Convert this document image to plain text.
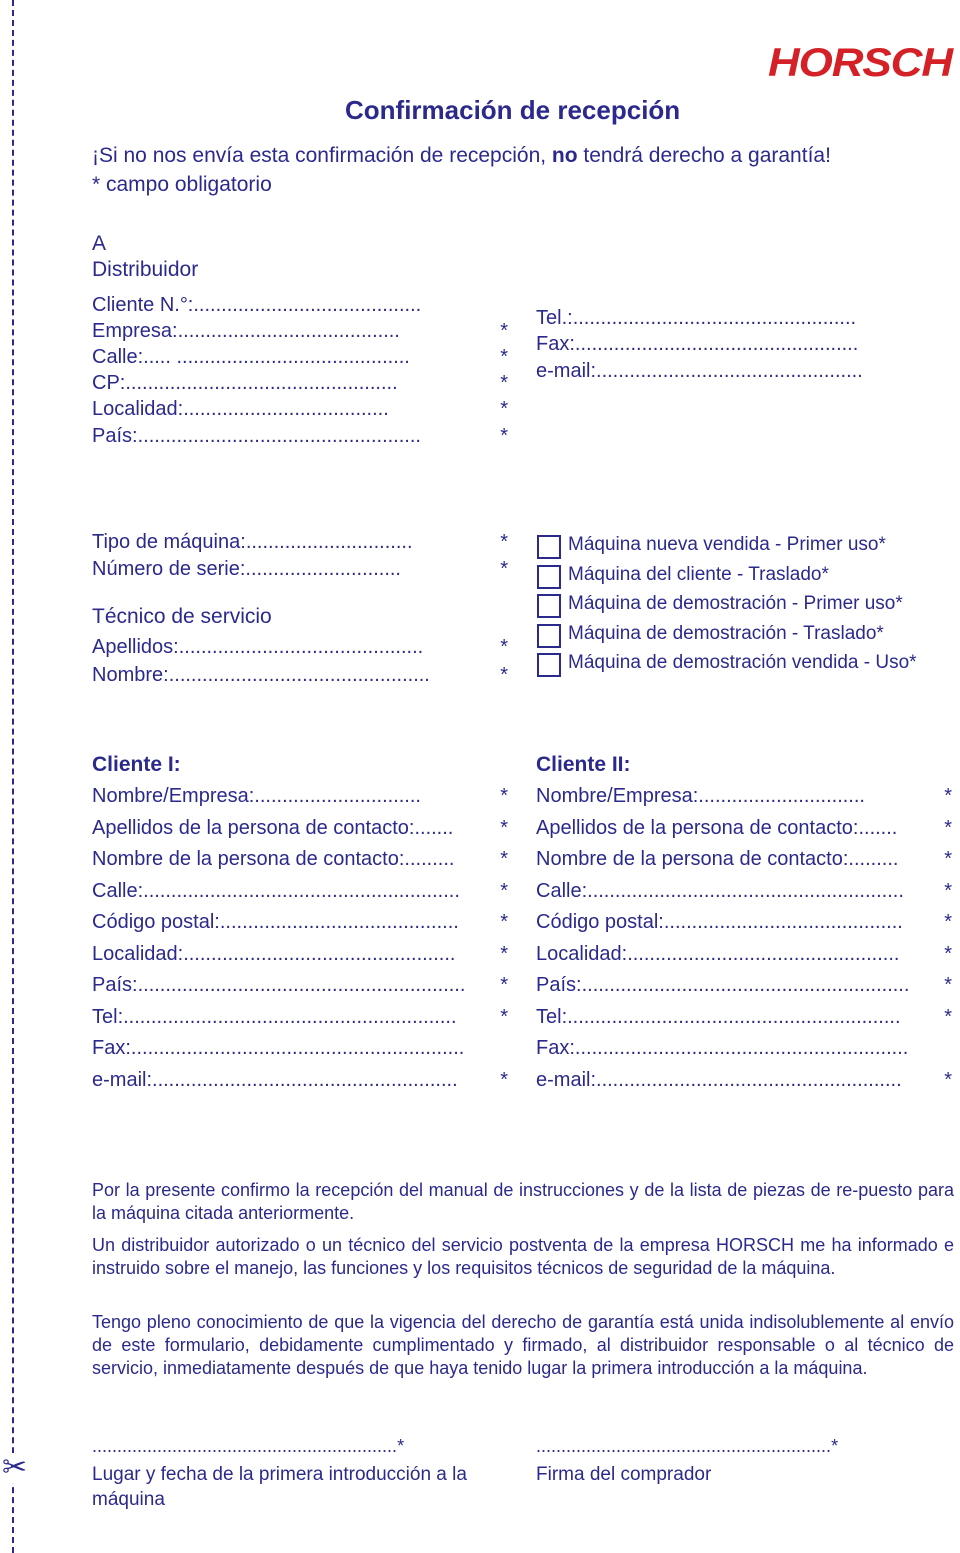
✂
HORSCH
Confirmación de recepción
¡Si no nos envía esta confirmación de recepción, no tendrá derecho a garantía!
* campo obligatorio
A
Distribuidor
Cliente N.°:.........................................
Empresa:........................................	*
Calle:..... ..........................................	*
CP:.................................................	*
Localidad:.....................................	*
País:...................................................	*
Tel.:...................................................
Fax:...................................................
e-mail:................................................
Tipo de máquina:..............................	*
Número de serie:............................	*
Técnico de servicio
Apellidos:............................................	*
Nombre:...............................................	*
Máquina nueva vendida - Primer uso*
Máquina del cliente - Traslado*
Máquina de demostración - Primer uso*
Máquina de demostración - Traslado*
Máquina de demostración vendida - Uso*
Cliente I:	Cliente II:
Nombre/Empresa:..............................	*
Apellidos de la persona de contacto:....... *
Nombre de la persona de contacto:......... *
Calle:......................................................... *
Código postal:........................................... *
Localidad:................................................. *
País:........................................................... *
Tel:............................................................ *
Fax:............................................................
e-mail:....................................................... *
Nombre/Empresa:..............................	*
Apellidos de la persona de contacto:....... *
Nombre de la persona de contacto:......... *
Calle:......................................................... *
Código postal:........................................... *
Localidad:................................................. *
País:........................................................... *
Tel:............................................................ *
Fax:............................................................
e-mail:....................................................... *
Por la presente confirmo la recepción del manual de instrucciones y de la lista de piezas de re-puesto para la máquina citada anteriormente.
Un distribuidor autorizado o un técnico del servicio postventa de la empresa HORSCH me ha informado e instruido sobre el manejo, las funciones y los requisitos técnicos de seguridad de la máquina.
Tengo pleno conocimiento de que la vigencia del derecho de garantía está unida indisolublemente al envío de este formulario, debidamente cumplimentado y firmado, al distribuidor responsable o al técnico de servicio, inmediatamente después de que haya tenido lugar la primera introducción a la máquina.
.............................................................*
Lugar y fecha de la primera introducción a la máquina
...........................................................*
Firma del comprador
